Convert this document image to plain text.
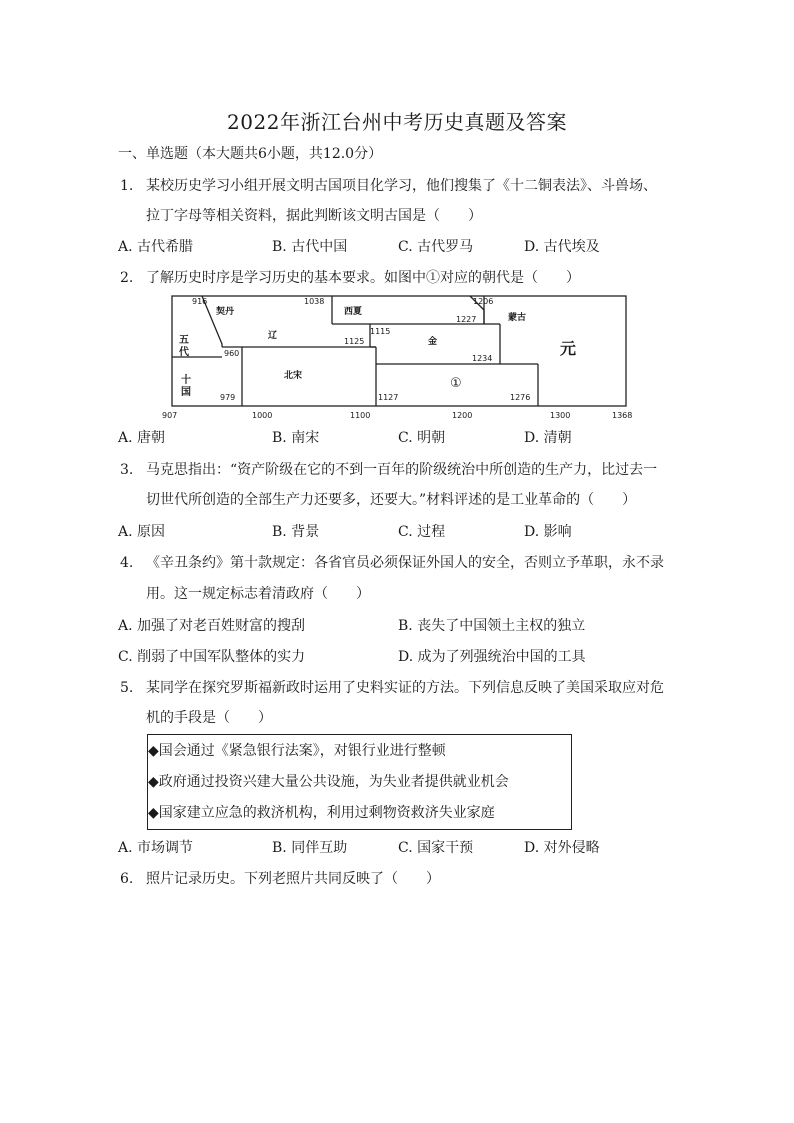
2022年浙江台州中考历史真题及答案
一、单选题（本大题共6小题，共12.0分）
1. 某校历史学习小组开展文明古国项目化学习，他们搜集了《十二铜表法》、斗兽场、
拉丁字母等相关资料，据此判断该文明古国是（　　）
A. 古代希腊	B. 古代中国	C. 古代罗马	D. 古代埃及
2. 了解历史时序是学习历史的基本要求。如图中①对应的朝代是（　　）
916	1038	1206
1227
1115
1125
960
1234
979	1127	1276
契丹
辽
西夏
蒙古
金
北宋
五代
十国
元
①
907	1000	1100	1200	1300	1368
A. 唐朝	B. 南宋	C. 明朝	D. 清朝
3. 马克思指出：“资产阶级在它的不到一百年的阶级统治中所创造的生产力，比过去一
切世代所创造的全部生产力还要多，还要大。”材料评述的是工业革命的（　　）
A. 原因	B. 背景	C. 过程	D. 影响
4. 《辛丑条约》第十款规定：各省官员必须保证外国人的安全，否则立予革职，永不录
用。这一规定标志着清政府（　　）
A. 加强了对老百姓财富的搜刮	B. 丧失了中国领土主权的独立
C. 削弱了中国军队整体的实力	D. 成为了列强统治中国的工具
5. 某同学在探究罗斯福新政时运用了史料实证的方法。下列信息反映了美国采取应对危
机的手段是（　　）
◆国会通过《紧急银行法案》，对银行业进行整顿
◆政府通过投资兴建大量公共设施，为失业者提供就业机会
◆国家建立应急的救济机构，利用过剩物资救济失业家庭
A. 市场调节	B. 同伴互助	C. 国家干预	D. 对外侵略
6. 照片记录历史。下列老照片共同反映了（　　）
